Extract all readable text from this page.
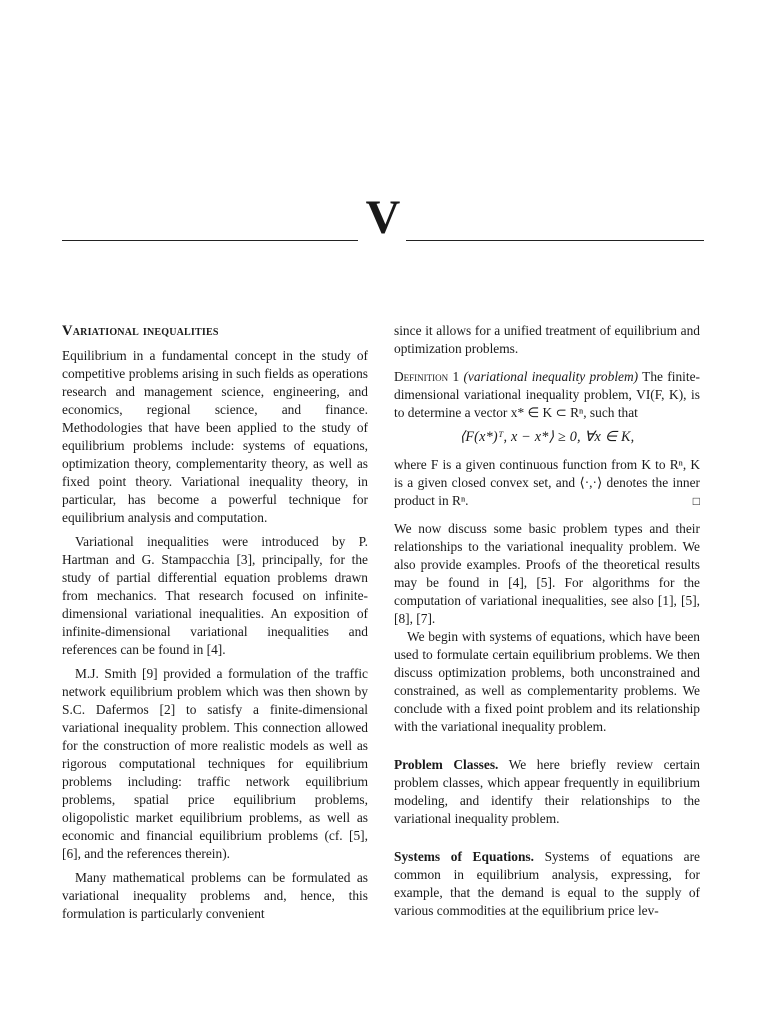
V
Variational inequalities

Equilibrium in a fundamental concept in the study of competitive problems arising in such fields as operations research and management science, engineering, and economics, regional science, and finance. Methodologies that have been applied to the study of equilibrium problems include: systems of equations, optimization theory, complementarity theory, as well as fixed point theory. Variational inequality theory, in particular, has become a powerful technique for equilibrium analysis and computation.

Variational inequalities were introduced by P. Hartman and G. Stampacchia [3], principally, for the study of partial differential equation problems drawn from mechanics. That research focused on infinite-dimensional variational inequalities. An exposition of infinite-dimensional variational inequalities and references can be found in [4].

M.J. Smith [9] provided a formulation of the traffic network equilibrium problem which was then shown by S.C. Dafermos [2] to satisfy a finite-dimensional variational inequality problem. This connection allowed for the construction of more realistic models as well as rigorous computational techniques for equilibrium problems including: traffic network equilibrium problems, spatial price equilibrium problems, oligopolistic market equilibrium problems, as well as economic and financial equilibrium problems (cf. [5], [6], and the references therein).

Many mathematical problems can be formulated as variational inequality problems and, hence, this formulation is particularly convenient

since it allows for a unified treatment of equilibrium and optimization problems.

Definition 1 (variational inequality problem) The finite-dimensional variational inequality problem, VI(F, K), is to determine a vector x* ∈ K ⊂ Rⁿ, such that

⟨F(x*)ᵀ, x − x*⟩ ≥ 0, ∀x ∈ K,

where F is a given continuous function from K to Rⁿ, K is a given closed convex set, and ⟨·,·⟩ denotes the inner product in Rⁿ.	□

We now discuss some basic problem types and their relationships to the variational inequality problem. We also provide examples. Proofs of the theoretical results may be found in [4], [5]. For algorithms for the computation of variational inequalities, see also [1], [5], [8], [7].

We begin with systems of equations, which have been used to formulate certain equilibrium problems. We then discuss optimization problems, both unconstrained and constrained, as well as complementarity problems. We conclude with a fixed point problem and its relationship with the variational inequality problem.

Problem Classes. We here briefly review certain problem classes, which appear frequently in equilibrium modeling, and identify their relationships to the variational inequality problem.

Systems of Equations. Systems of equations are common in equilibrium analysis, expressing, for example, that the demand is equal to the supply of various commodities at the equilibrium price lev-
